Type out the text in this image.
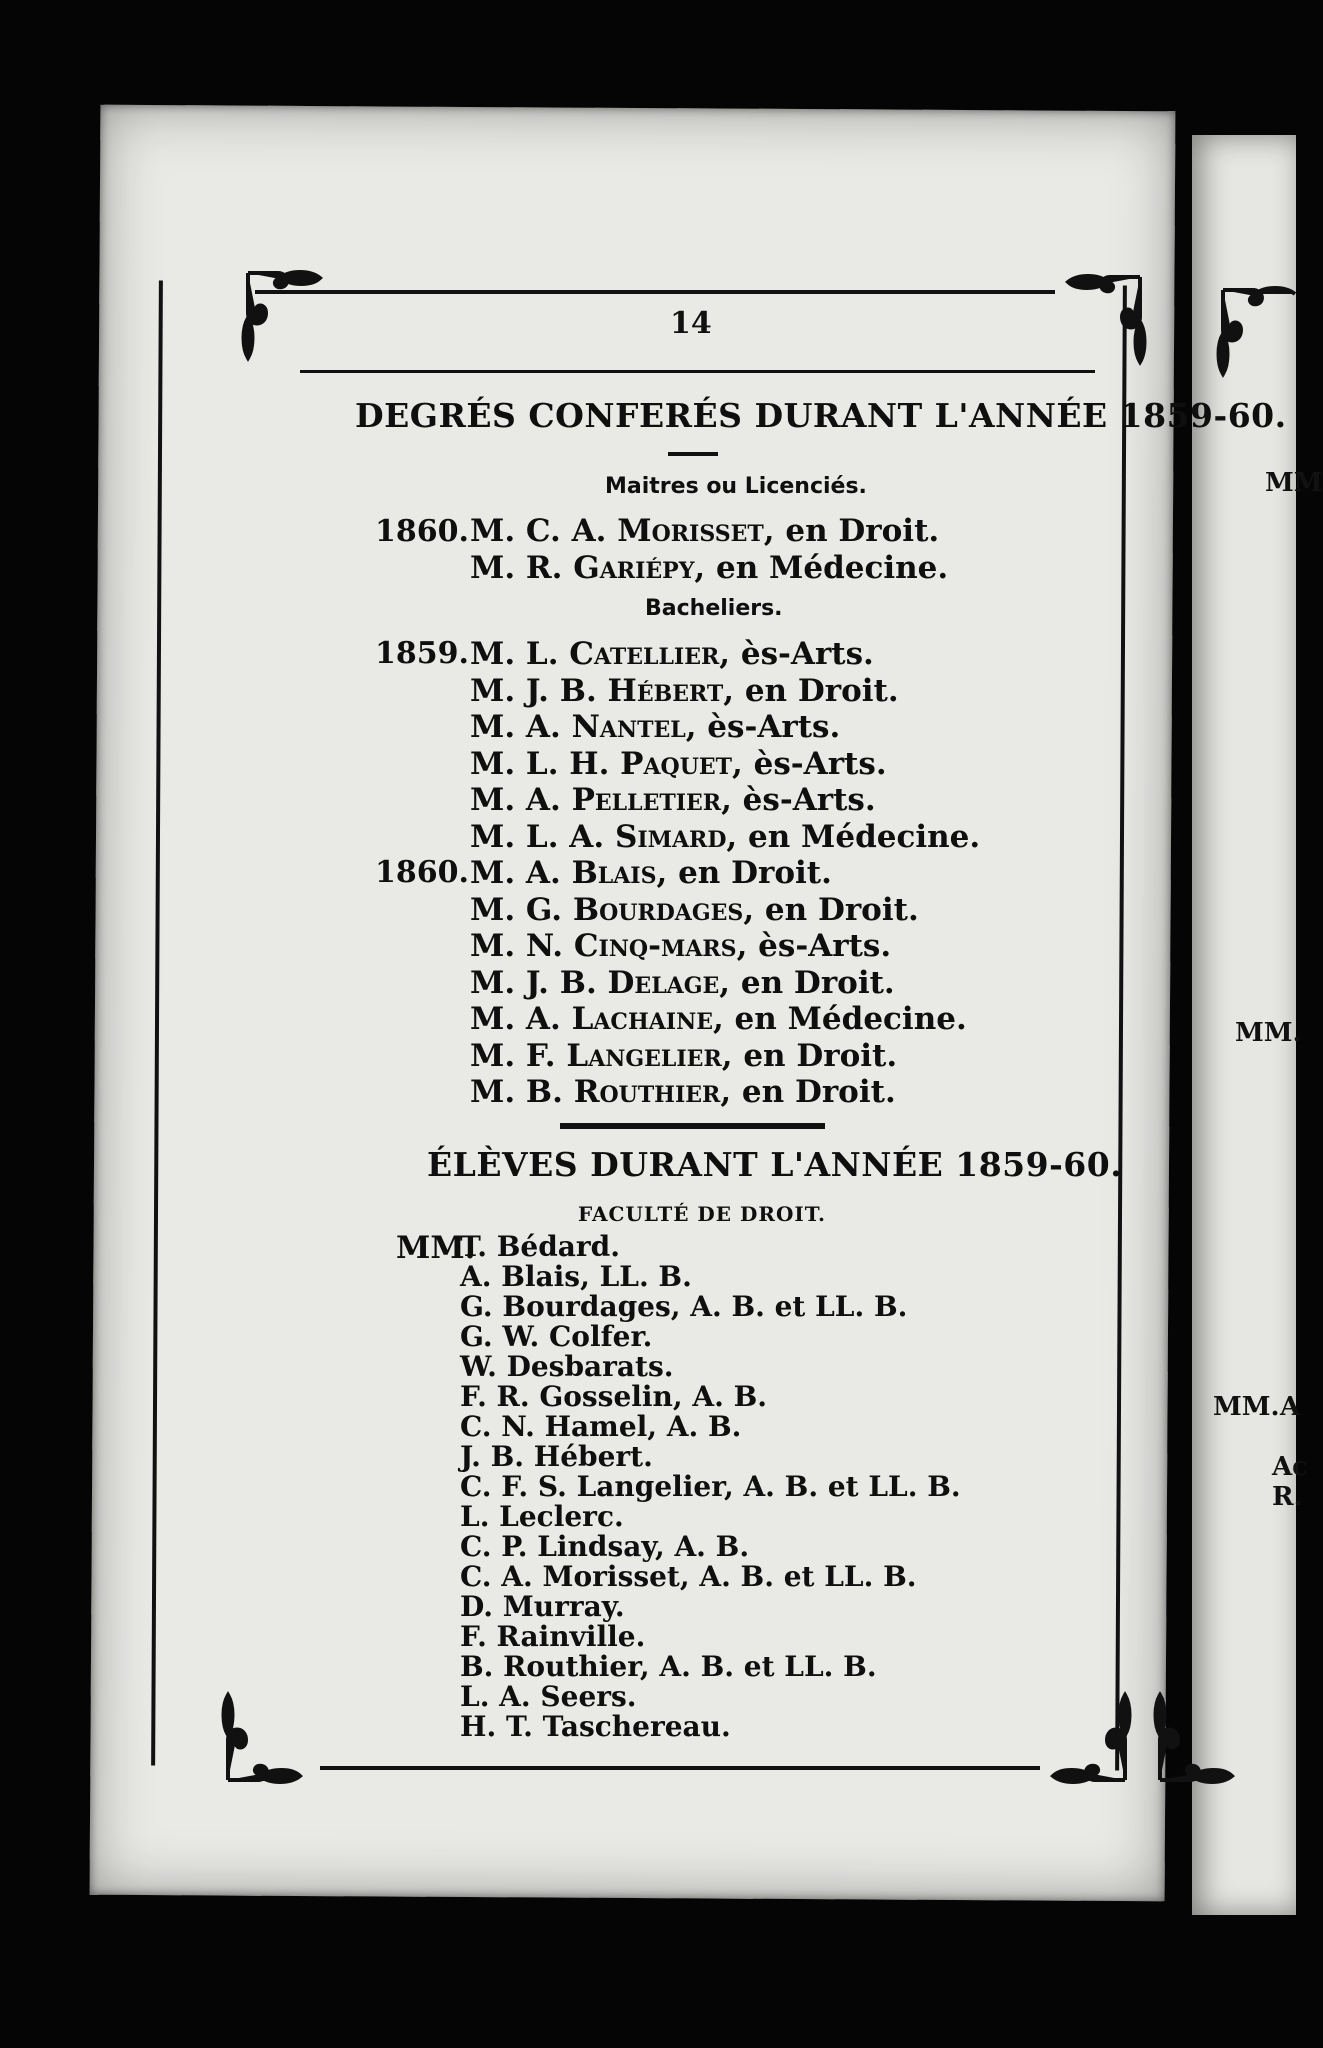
14
DEGRÉS CONFERÉS DURANT L'ANNÉE 1859-60.
Maitres ou Licenciés.
1860. M. C. A. Morisset, en Droit.
M. R. Gariépy, en Médecine.
Bacheliers.
1859. M. L. Catellier, ès-Arts.
M. J. B. Hébert, en Droit.
M. A. Nantel, ès-Arts.
M. L. H. Paquet, ès-Arts.
M. A. Pelletier, ès-Arts.
M. L. A. Simard, en Médecine.
1860. M. A. Blais, en Droit.
M. G. Bourdages, en Droit.
M. N. Cinq-mars, ès-Arts.
M. J. B. Delage, en Droit.
M. A. Lachaine, en Médecine.
M. F. Langelier, en Droit.
M. B. Routhier, en Droit.
ÉLÈVES DURANT L'ANNÉE 1859-60.
FACULTÉ DE DROIT.
MM.
T. Bédard.
A. Blais, LL. B.
G. Bourdages, A. B. et LL. B.
G. W. Colfer.
W. Desbarats.
F. R. Gosselin, A. B.
C. N. Hamel, A. B.
J. B. Hébert.
C. F. S. Langelier, A. B. et LL. B.
L. Leclerc.
C. P. Lindsay, A. B.
C. A. Morisset, A. B. et LL. B.
D. Murray.
F. Rainville.
B. Routhier, A. B. et LL. B.
L. A. Seers.
H. T. Taschereau.
MM
MM.
MM. A
Ac
R.
